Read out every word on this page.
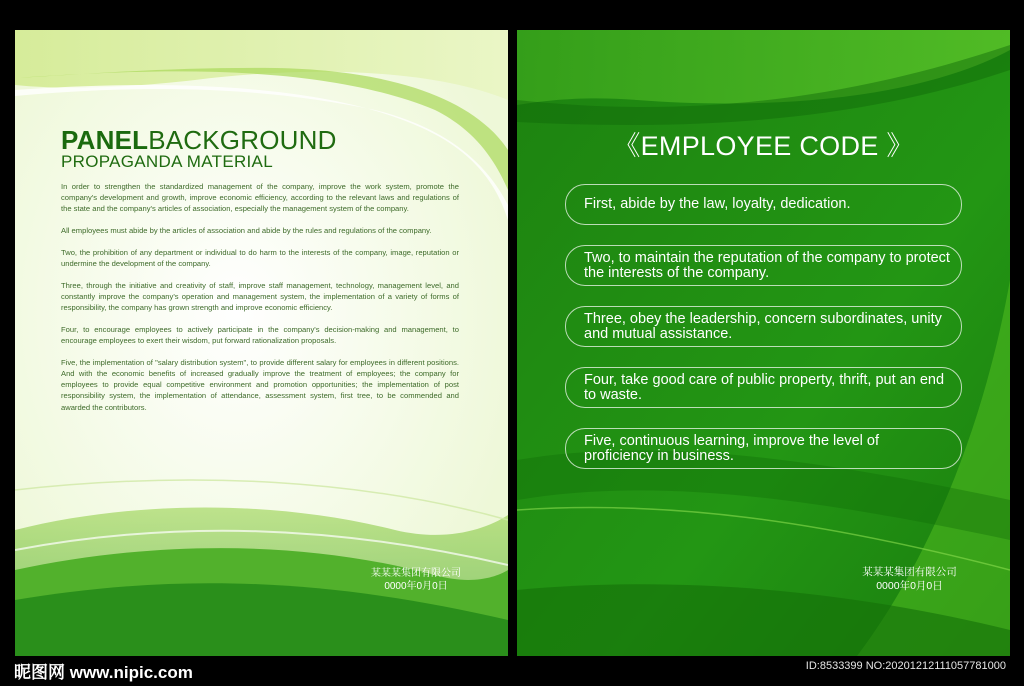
PANELBACKGROUND
PROPAGANDA MATERIAL

In order to strengthen the standardized management of the company, improve the work system, promote the company's development and growth, improve economic efficiency, according to the relevant laws and regulations of the state and the company's articles of association, especially the management system of the company.

All employees must abide by the articles of association and abide by the rules and regulations of the company.

Two, the prohibition of any department or individual to do harm to the interests of the company, image, reputation or undermine the development of the company.

Three, through the initiative and creativity of staff, improve staff management, technology, management level, and constantly improve the company's operation and management system, the implementation of a variety of forms of responsibility, the company has grown strength and improve economic efficiency.

Four, to encourage employees to actively participate in the company's decision-making and management, to encourage employees to exert their wisdom, put forward rationalization proposals.

Five, the implementation of "salary distribution system", to provide different salary for employees in different positions. And with the economic benefits of increased gradually improve the treatment of employees; the company for employees to provide equal competitive environment and promotion opportunities; the implementation of post responsibility system, the implementation of attendance, assessment system, first tree, to be commended and awarded the contributors.

某某某集团有限公司
0000年0月0日
《EMPLOYEE CODE 》
First, abide by the law, loyalty, dedication.
Two, to maintain the reputation of the company to protect the interests of the company.
Three, obey the leadership, concern subordinates, unity and mutual assistance.
Four, take good care of public property, thrift, put an end to waste.
Five, continuous learning, improve the level of proficiency in business.
某某某集团有限公司
0000年0月0日
昵图网 www.nipic.com	ID:8533399 NO:20201212111057781000
